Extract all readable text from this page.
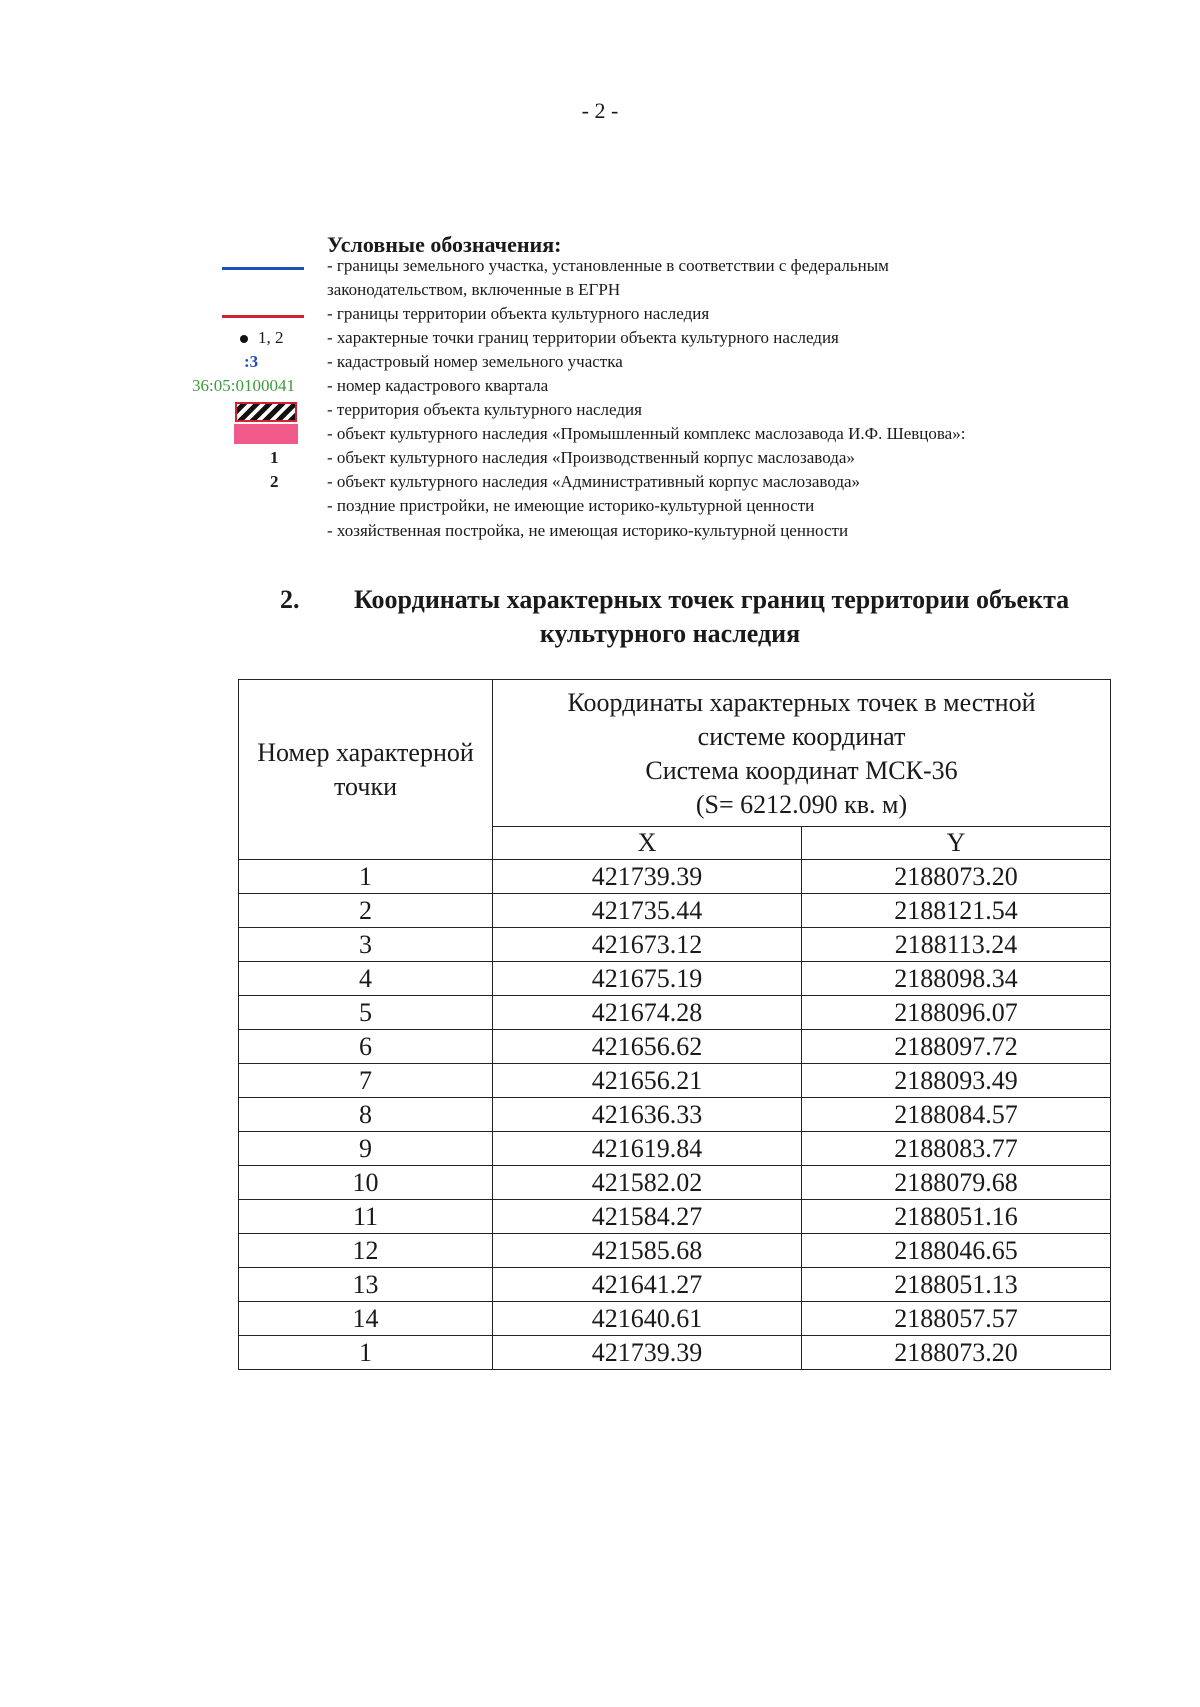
- 2 -
Условные обозначения:
- границы земельного участка, установленные в соответствии с федеральным
законодательством, включенные в ЕГРН
- границы территории объекта культурного наследия
1, 2	- характерные точки границ территории объекта культурного наследия
:3	- кадастровый номер земельного участка
36:05:0100041 - номер кадастрового квартала
- территория объекта культурного наследия
- объект культурного наследия «Промышленный комплекс маслозавода И.Ф. Шевцова»:
1	- объект культурного наследия «Производственный корпус маслозавода»
2	- объект культурного наследия «Административный корпус маслозавода»
- поздние пристройки, не имеющие историко-культурной ценности
- хозяйственная постройка, не имеющая историко-культурной ценности
2. Координаты характерных точек границ территории объекта
культурного наследия
Номер характерной точки	Координаты характерных точек в местной
системе координат
Система координат МСК-36
(S= 6212.090 кв. м)	

	X	Y
1	421739.39	2188073.20
2	421735.44	2188121.54
3	421673.12	2188113.24
4	421675.19	2188098.34
5	421674.28	2188096.07
6	421656.62	2188097.72
7	421656.21	2188093.49
8	421636.33	2188084.57
9	421619.84	2188083.77
10	421582.02	2188079.68
11	421584.27	2188051.16
12	421585.68	2188046.65
13	421641.27	2188051.13
14	421640.61	2188057.57
1	421739.39	2188073.20
